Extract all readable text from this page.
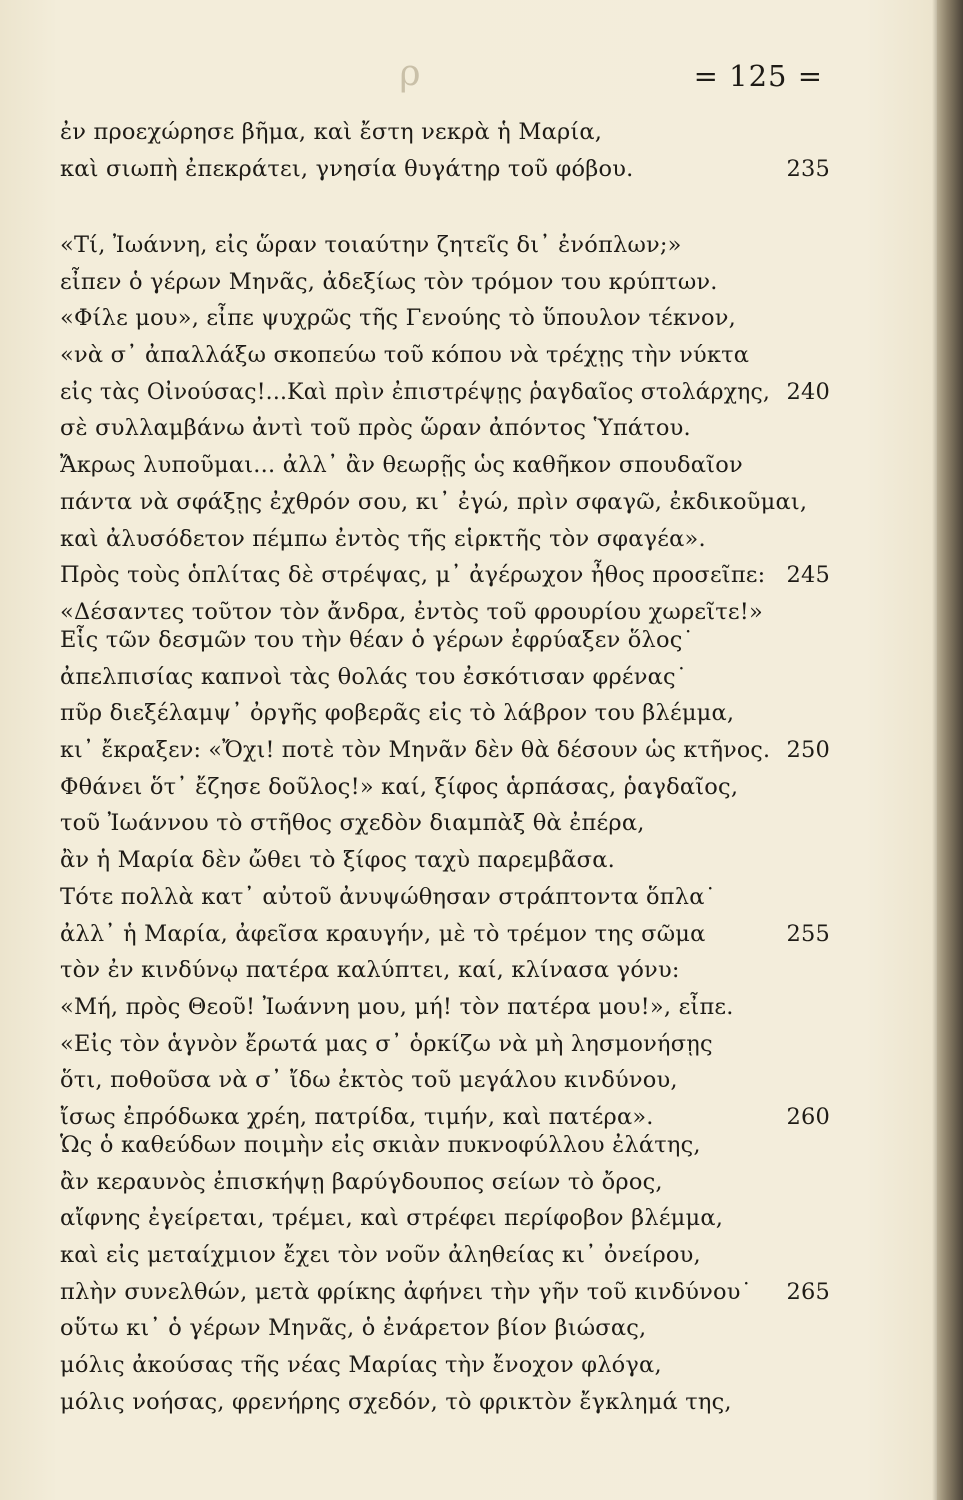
ρ	= 125 =
ἐν προεχώρησε βῆμα, καὶ ἔστη νεκρὰ ἡ Μαρία,
καὶ σιωπὴ ἐπεκράτει, γνησία θυγάτηρ τοῦ φόβου.	235
«Τί, Ἰωάννη, εἰς ὥραν τοιαύτην ζητεῖς δι᾽ ἐνόπλων;»
εἶπεν ὁ γέρων Μηνᾶς, ἀδεξίως τὸν τρόμον του κρύπτων.
«Φίλε μου», εἶπε ψυχρῶς τῆς Γενούης τὸ ὕπουλον τέκνον,
«νὰ σ᾽ ἀπαλλάξω σκοπεύω τοῦ κόπου νὰ τρέχῃς τὴν νύκτα
εἰς τὰς Οἰνούσας!...Καὶ πρὶν ἐπιστρέψῃς ῥαγδαῖος στολάρχης, 240
σὲ συλλαμβάνω ἀντὶ τοῦ πρὸς ὥραν ἀπόντος Ὑπάτου.
Ἄκρως λυποῦμαι... ἀλλ᾽ ἂν θεωρῇς ὡς καθῆκον σπουδαῖον
πάντα νὰ σφάξῃς ἐχθρόν σου, κι᾽ ἐγώ, πρὶν σφαγῶ, ἐκδικοῦμαι,
καὶ ἀλυσόδετον πέμπω ἐντὸς τῆς εἱρκτῆς τὸν σφαγέα».
Πρὸς τοὺς ὁπλίτας δὲ στρέψας, μ᾽ ἀγέρωχον ἦθος προσεῖπε: 245
«Δέσαντες τοῦτον τὸν ἄνδρα, ἐντὸς τοῦ φρουρίου χωρεῖτε!»
Εἷς τῶν δεσμῶν του τὴν θέαν ὁ γέρων ἐφρύαξεν ὅλος˙
ἀπελπισίας καπνοὶ τὰς θολάς του ἐσκότισαν φρένας˙
πῦρ διεξέλαμψ᾽ ὀργῆς φοβερᾶς εἰς τὸ λάβρον του βλέμμα,
κι᾽ ἔκραξεν: «Ὄχι! ποτὲ τὸν Μηνᾶν δὲν θὰ δέσουν ὡς κτῆνος. 250
Φθάνει ὅτ᾽ ἔζησε δοῦλος!» καί, ξίφος ἁρπάσας, ῥαγδαῖος,
τοῦ Ἰωάννου τὸ στῆθος σχεδὸν διαμπὰξ θὰ ἐπέρα,
ἂν ἡ Μαρία δὲν ὤθει τὸ ξίφος ταχὺ παρεμβᾶσα.
Τότε πολλὰ κατ᾽ αὐτοῦ ἀνυψώθησαν στράπτοντα ὅπλα˙
ἀλλ᾽ ἡ Μαρία, ἀφεῖσα κραυγήν, μὲ τὸ τρέμον της σῶμα	255
τὸν ἐν κινδύνῳ πατέρα καλύπτει, καί, κλίνασα γόνυ:
«Μή, πρὸς Θεοῦ! Ἰωάννη μου, μή! τὸν πατέρα μου!», εἶπε.
«Εἰς τὸν ἁγνὸν ἔρωτά μας σ᾽ ὁρκίζω νὰ μὴ λησμονήσῃς
ὅτι, ποθοῦσα νὰ σ᾽ ἴδω ἐκτὸς τοῦ μεγάλου κινδύνου,
ἴσως ἐπρόδωκα χρέη, πατρίδα, τιμήν, καὶ πατέρα».	260
Ὡς ὁ καθεύδων ποιμὴν εἰς σκιὰν πυκνοφύλλου ἐλάτης,
ἂν κεραυνὸς ἐπισκήψῃ βαρύγδουπος σείων τὸ ὄρος,
αἴφνης ἐγείρεται, τρέμει, καὶ στρέφει περίφοβον βλέμμα,
καὶ εἰς μεταίχμιον ἔχει τὸν νοῦν ἀληθείας κι᾽ ὀνείρου,
πλὴν συνελθών, μετὰ φρίκης ἀφήνει τὴν γῆν τοῦ κινδύνου˙ 265
οὕτω κι᾽ ὁ γέρων Μηνᾶς, ὁ ἐνάρετον βίον βιώσας,
μόλις ἀκούσας τῆς νέας Μαρίας τὴν ἔνοχον φλόγα,
μόλις νοήσας, φρενήρης σχεδόν, τὸ φρικτὸν ἔγκλημά της,
